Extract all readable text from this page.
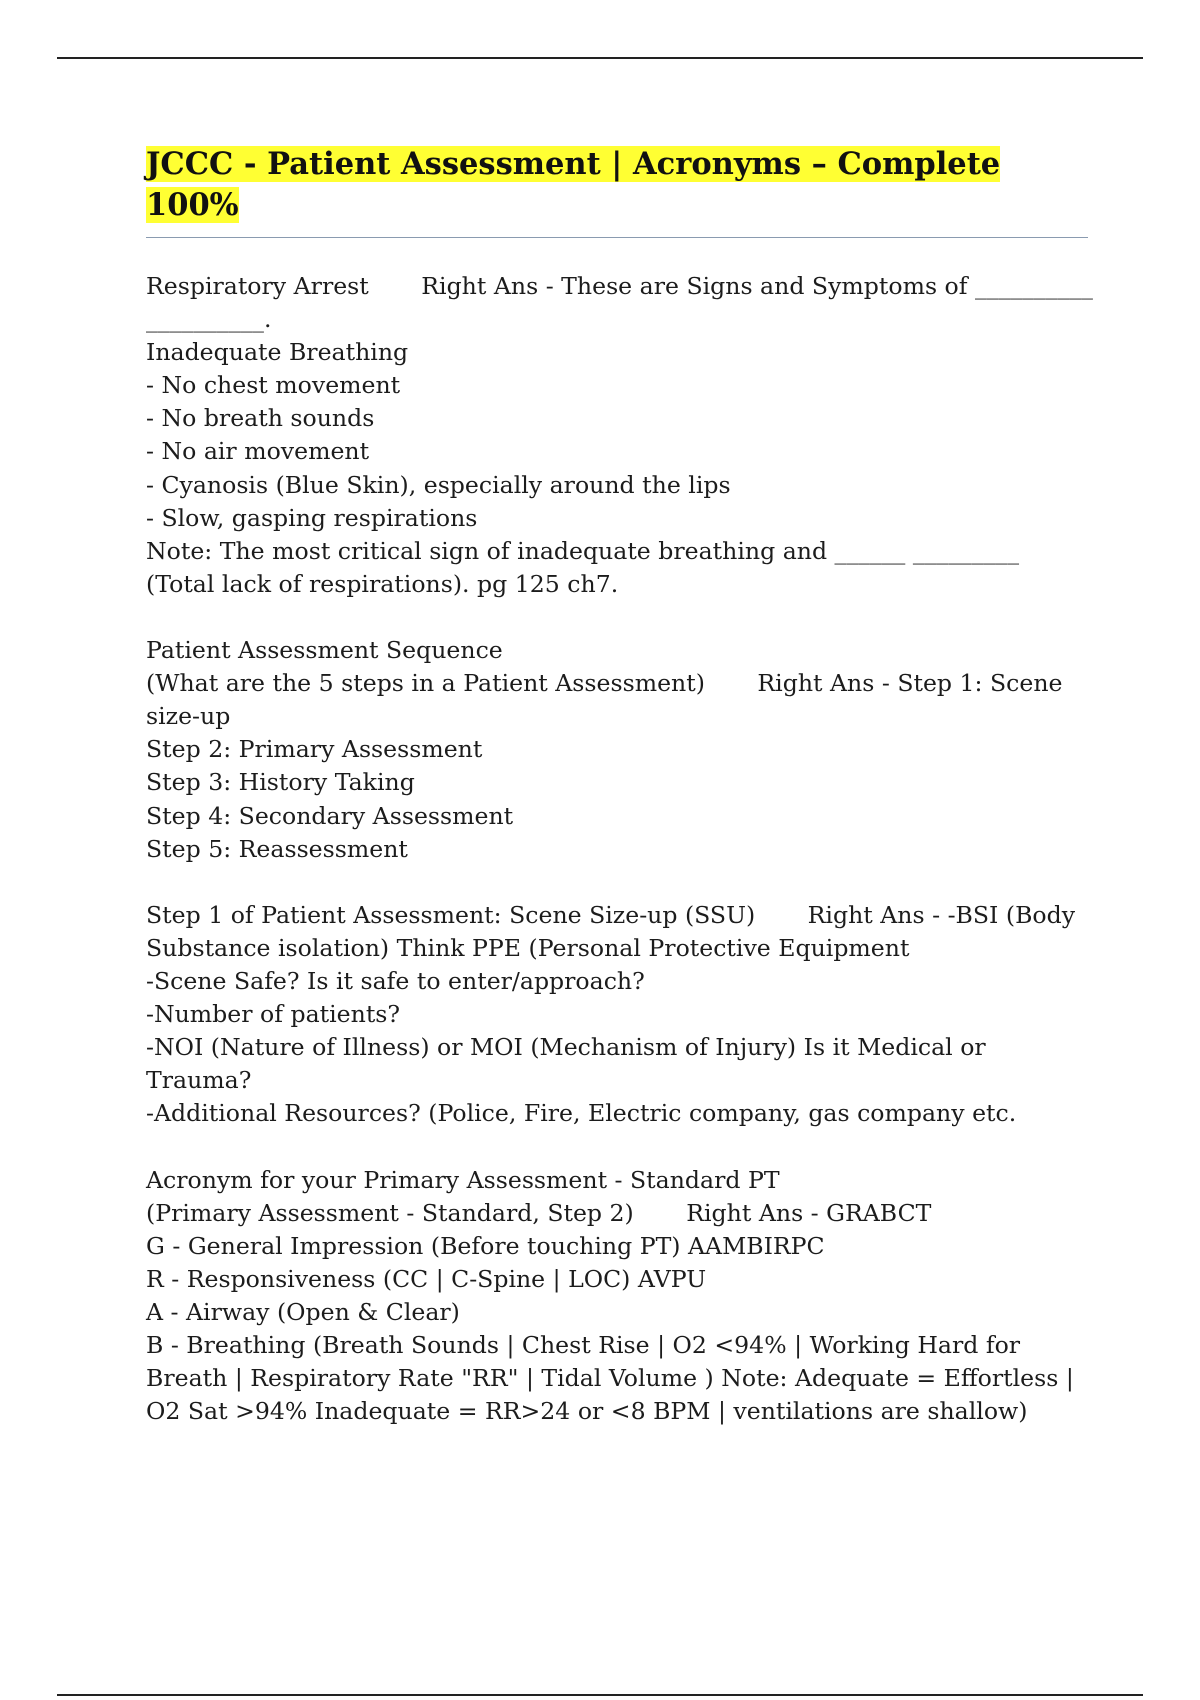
JCCC - Patient Assessment | Acronyms – Complete
100%
Respiratory Arrest       Right Ans - These are Signs and Symptoms of __________
__________.
Inadequate Breathing
- No chest movement
- No breath sounds
- No air movement
- Cyanosis (Blue Skin), especially around the lips
- Slow, gasping respirations
Note: The most critical sign of inadequate breathing and ______ _________
(Total lack of respirations). pg 125 ch7.
Patient Assessment Sequence
(What are the 5 steps in a Patient Assessment)       Right Ans - Step 1: Scene
size-up
Step 2: Primary Assessment
Step 3: History Taking
Step 4: Secondary Assessment
Step 5: Reassessment
Step 1 of Patient Assessment: Scene Size-up (SSU)       Right Ans - -BSI (Body
Substance isolation) Think PPE (Personal Protective Equipment
-Scene Safe? Is it safe to enter/approach?
-Number of patients?
-NOI (Nature of Illness) or MOI (Mechanism of Injury) Is it Medical or
Trauma?
-Additional Resources? (Police, Fire, Electric company, gas company etc.
Acronym for your Primary Assessment - Standard PT
(Primary Assessment - Standard, Step 2)       Right Ans - GRABCT
G - General Impression (Before touching PT) AAMBIRPC
R - Responsiveness (CC | C-Spine | LOC) AVPU
A - Airway (Open & Clear)
B - Breathing (Breath Sounds | Chest Rise | O2 <94% | Working Hard for
Breath | Respiratory Rate "RR" | Tidal Volume ) Note: Adequate = Effortless |
O2 Sat >94% Inadequate = RR>24 or <8 BPM | ventilations are shallow)
